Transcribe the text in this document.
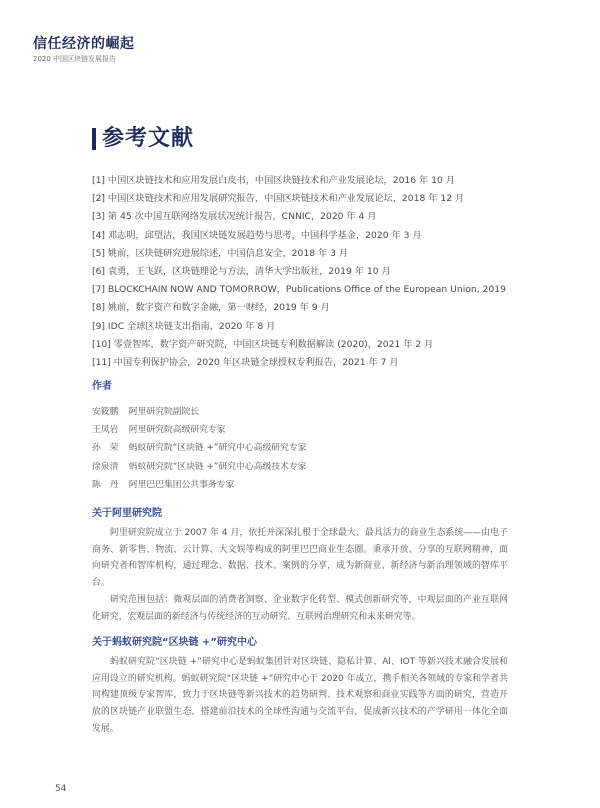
信任经济的崛起
2020 中国区块链发展报告
参考文献
[1] 中国区块链技术和应用发展白皮书，中国区块链技术和产业发展论坛，2016 年 10 月
[2] 中国区块链技术和应用发展研究报告，中国区块链技术和产业发展论坛，2018 年 12 月
[3] 第 45 次中国互联网络发展状况统计报告，CNNIC，2020 年 4 月
[4] 邓志明，邱望洁，我国区块链发展趋势与思考，中国科学基金，2020 年 3 月
[5] 姚前，区块链研究进展综述，中国信息安全，2018 年 3 月
[6] 袁勇，王飞跃，区块链理论与方法，清华大学出版社，2019 年 10 月
[7] BLOCKCHAIN NOW AND TOMORROW，Publications Office of the European Union, 2019
[8] 姚前，数字资产和数字金融，第一财经，2019 年 9 月
[9] IDC 全球区块链支出指南，2020 年 8 月
[10] 零壹智库，数字资产研究院，中国区块链专利数据解读 (2020)，2021 年 2 月
[11] 中国专利保护协会，2020 年区块链全球授权专利报告，2021 年 7 月
作者
安筱鹏 阿里研究院副院长
王凤岩 阿里研究院高级研究专家
孙　荣 蚂蚁研究院“区块链 +”研究中心高级研究专家
徐泉清 蚂蚁研究院“区块链 +”研究中心高级技术专家
陈　丹 阿里巴巴集团公共事务专家
关于阿里研究院

阿里研究院成立于 2007 年 4 月，依托并深深扎根于全球最大、最具活力的商业生态系统——由电子商务、新零售、物流、云计算、大文娱等构成的阿里巴巴商业生态圈。秉承开放、分享的互联网精神，面向研究者和智库机构，通过理念、数据、技术、案例的分享，成为新商业、新经济与新治理领域的智库平台。

研究范围包括：微观层面的消费者洞察、企业数字化转型、模式创新研究等，中观层面的产业互联网化研究，宏观层面的新经济与传统经济的互动研究、互联网治理研究和未来研究等。

关于蚂蚁研究院“区块链 +”研究中心

蚂蚁研究院“区块链 +”研究中心是蚂蚁集团针对区块链、隐私计算、AI、IOT 等新兴技术融合发展和应用设立的研究机构。蚂蚁研究院“区块链 +”研究中心于 2020 年成立，携手相关各领域的专家和学者共同构建顶级专家智库，致力于区块链等新兴技术的趋势研判、技术观察和商业实践等方面的研究，营造开放的区块链产业联盟生态，搭建前沿技术的全球性沟通与交流平台，促成新兴技术的产学研用一体化全面发展。

54
